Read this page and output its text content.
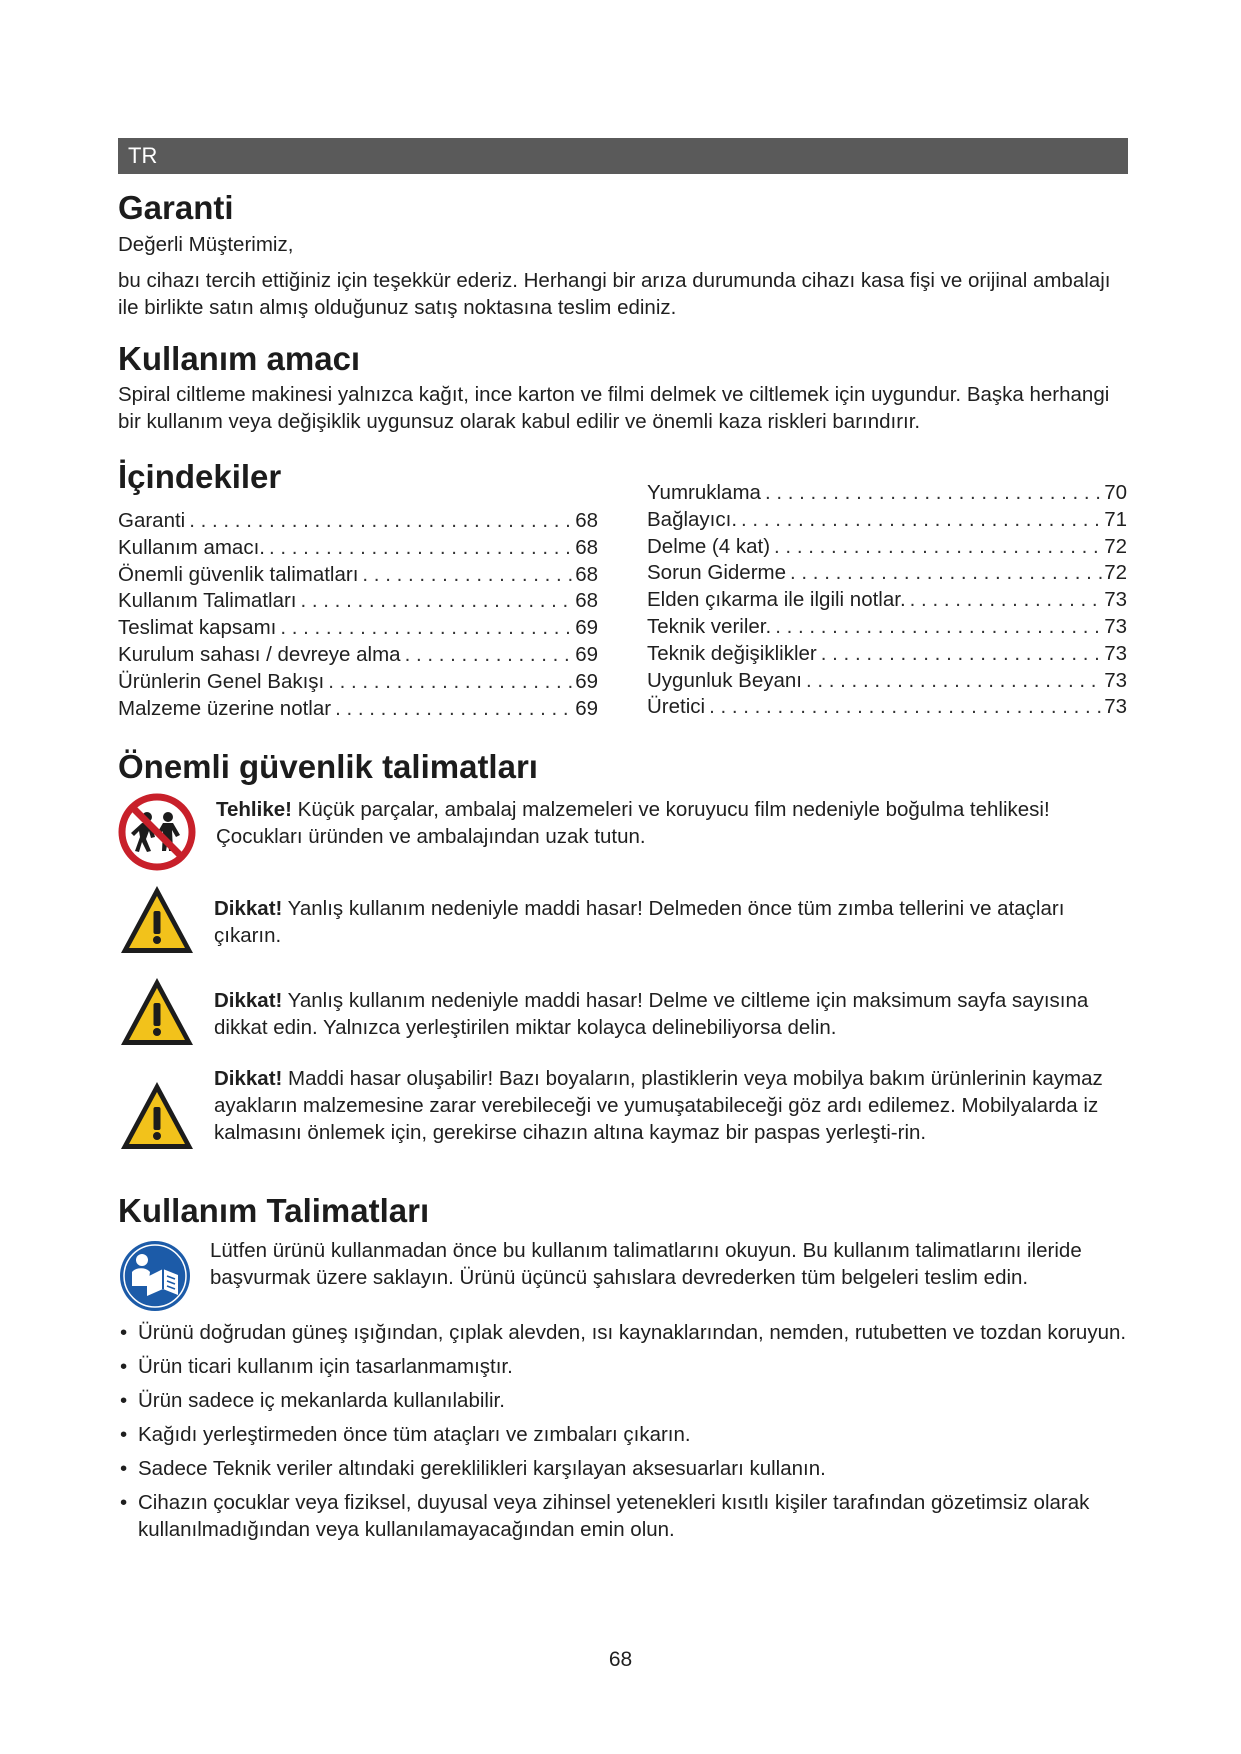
TR
Garanti

Değerli Müşterimiz,

bu cihazı tercih ettiğiniz için teşekkür ederiz. Herhangi bir arıza durumunda cihazı kasa fişi ve orijinal ambalajı ile birlikte satın almış olduğunuz satış noktasına teslim ediniz.

Kullanım amacı

Spiral ciltleme makinesi yalnızca kağıt, ince karton ve filmi delmek ve ciltlemek için uygundur. Başka herhangi bir kullanım veya değişiklik uygunsuz olarak kabul edilir ve önemli kaza riskleri barındırır.

İçindekiler
Garanti . . .	68
Kullanım amacı. . . .	68
Önemli güvenlik talimatları . . .	68
Kullanım Talimatları . . .	68
Teslimat kapsamı . . .	69
Kurulum sahası / devreye alma . . .	69
Ürünlerin Genel Bakışı . . .	69
Malzeme üzerine notlar . . .	69
Yumruklama . . .	70
Bağlayıcı. . . .	71
Delme (4 kat) . . .	72
Sorun Giderme . . .	72
Elden çıkarma ile ilgili notlar. . . .	73
Teknik veriler. . . .	73
Teknik değişiklikler . . .	73
Uygunluk Beyanı . . .	73
Üretici . . .	73
Önemli güvenlik talimatları

Tehlike! Küçük parçalar, ambalaj malzemeleri ve koruyucu film nedeniyle boğulma tehlikesi! Çocukları üründen ve ambalajından uzak tutun.

Dikkat! Yanlış kullanım nedeniyle maddi hasar! Delmeden önce tüm zımba tellerini ve ataçları çıkarın.

Dikkat! Yanlış kullanım nedeniyle maddi hasar! Delme ve ciltleme için maksimum sayfa sayısına dikkat edin. Yalnızca yerleştirilen miktar kolayca delinebiliyorsa delin.

Dikkat! Maddi hasar oluşabilir! Bazı boyaların, plastiklerin veya mobilya bakım ürünlerinin kaymaz ayakların malzemesine zarar verebileceği ve yumuşatabileceği göz ardı edilemez. Mobilyalarda iz kalmasını önlemek için, gerekirse cihazın altına kaymaz bir paspas yerleşti-rin.

Kullanım Talimatları

Lütfen ürünü kullanmadan önce bu kullanım talimatlarını okuyun. Bu kullanım talimatlarını ileride başvurmak üzere saklayın. Ürünü üçüncü şahıslara devrederken tüm belgeleri teslim edin.

• Ürünü doğrudan güneş ışığından, çıplak alevden, ısı kaynaklarından, nemden, rutubetten ve tozdan koruyun.
• Ürün ticari kullanım için tasarlanmamıştır.
• Ürün sadece iç mekanlarda kullanılabilir.
• Kağıdı yerleştirmeden önce tüm ataçları ve zımbaları çıkarın.
• Sadece Teknik veriler altındaki gereklilikleri karşılayan aksesuarları kullanın.
• Cihazın çocuklar veya fiziksel, duyusal veya zihinsel yetenekleri kısıtlı kişiler tarafından gözetimsiz olarak kullanılmadığından veya kullanılamayacağından emin olun.
68
